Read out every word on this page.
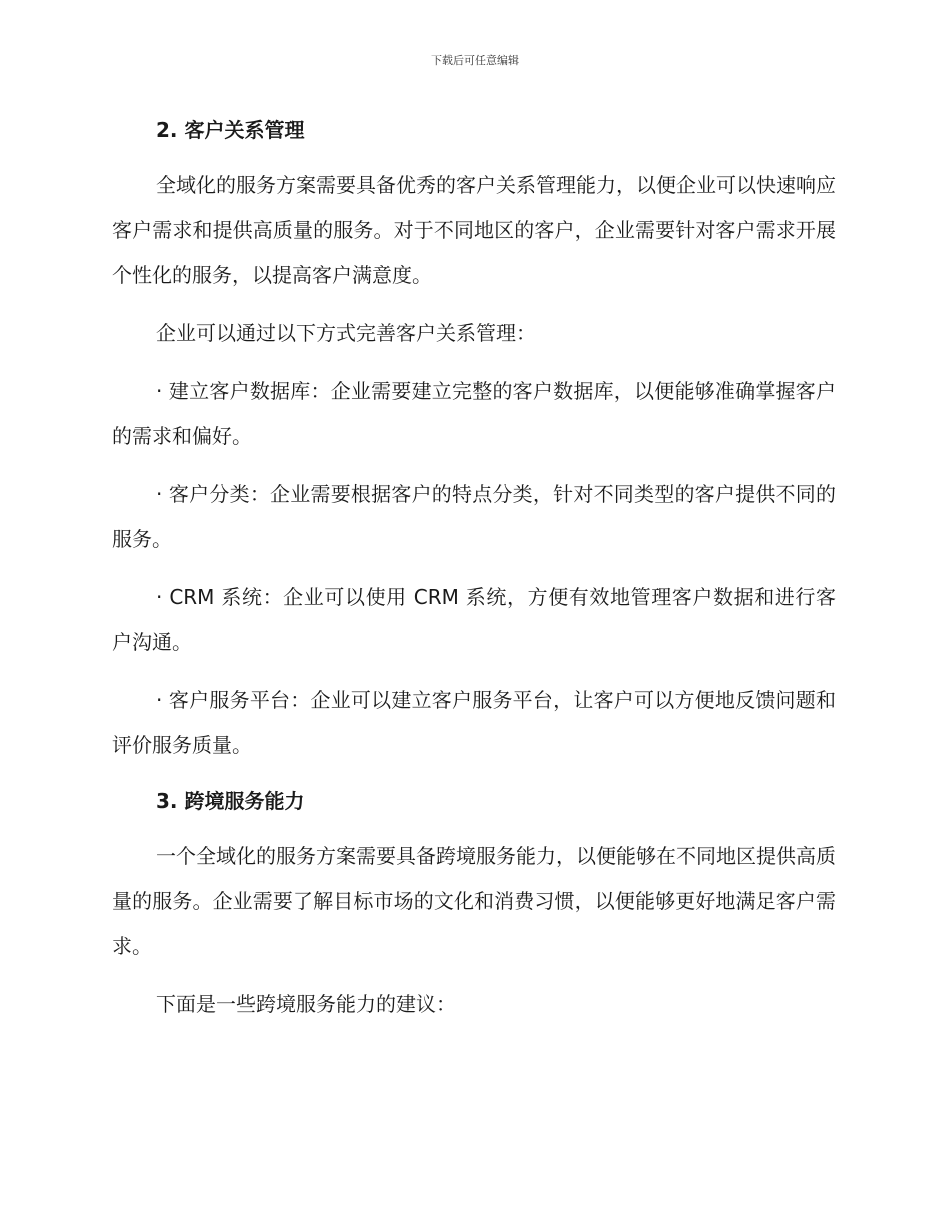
下载后可任意编辑
2. 客户关系管理

全域化的服务方案需要具备优秀的客户关系管理能力，以便企业可以快速响应客户需求和提供高质量的服务。对于不同地区的客户，企业需要针对客户需求开展个性化的服务，以提高客户满意度。

企业可以通过以下方式完善客户关系管理：

· 建立客户数据库：企业需要建立完整的客户数据库，以便能够准确掌握客户的需求和偏好。

· 客户分类：企业需要根据客户的特点分类，针对不同类型的客户提供不同的服务。

· CRM 系统：企业可以使用 CRM 系统，方便有效地管理客户数据和进行客户沟通。

· 客户服务平台：企业可以建立客户服务平台，让客户可以方便地反馈问题和评价服务质量。

3. 跨境服务能力

一个全域化的服务方案需要具备跨境服务能力，以便能够在不同地区提供高质量的服务。企业需要了解目标市场的文化和消费习惯，以便能够更好地满足客户需求。

下面是一些跨境服务能力的建议：
